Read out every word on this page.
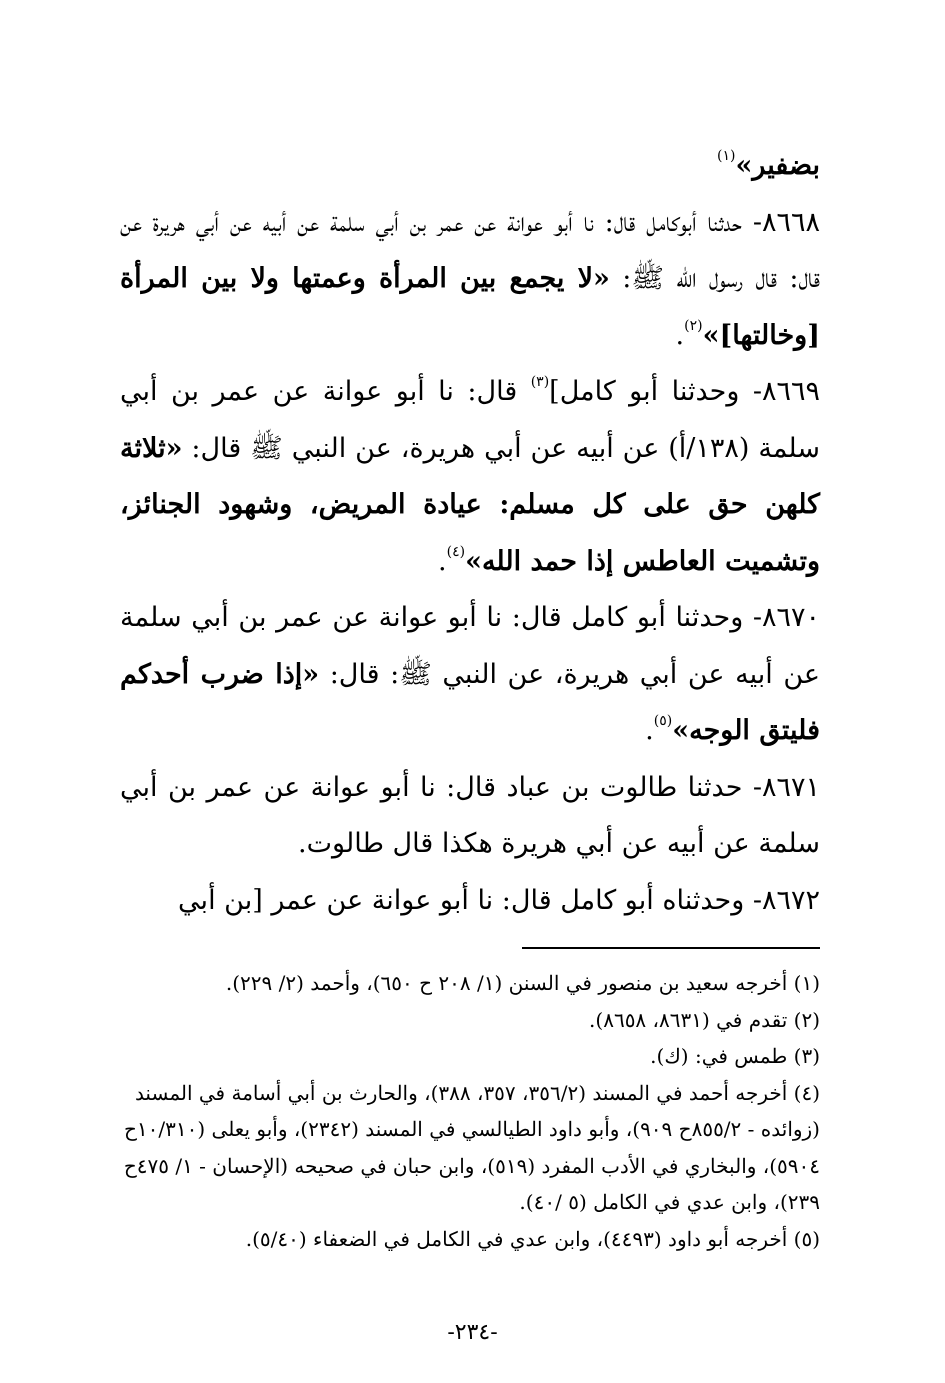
بضفير»$^{(١)}$

٨٦٦٨- حدثنا أبوكامل قال: نا أبو عوانة عن عمر بن أبي سلمة عن أبيه عن أبي هريرة عن قال: قال رسول الله ﷺ: «لا يجمع بين المرأة وعمتها ولا بين المرأة [وخالتها]»$^{(٢)}$.

٨٦٦٩- وحدثنا أبو كامل]$^{(٣)}$ قال: نا أبو عوانة عن عمر بن أبي سلمة (١٣٨/أ) عن أبيه عن أبي هريرة، عن النبي ﷺ قال: «ثلاثة كلهن حق على كل مسلم: عيادة المريض، وشهود الجنائز، وتشميت العاطس إذا حمد الله»$^{(٤)}$.

٨٦٧٠- وحدثنا أبو كامل قال: نا أبو عوانة عن عمر بن أبي سلمة عن أبيه عن أبي هريرة، عن النبي ﷺ: قال: «إذا ضرب أحدكم فليتق الوجه»$^{(٥)}$.

٨٦٧١- حدثنا طالوت بن عباد قال: نا أبو عوانة عن عمر بن أبي سلمة عن أبيه عن أبي هريرة هكذا قال طالوت.

٨٦٧٢- وحدثناه أبو كامل قال: نا أبو عوانة عن عمر [بن أبي

(١) أخرجه سعيد بن منصور في السنن (١/ ٢٠٨ ح ٦٥٠)، وأحمد (٢/ ٢٢٩).

(٢) تقدم في (٨٦٣١، ٨٦٥٨).

(٣) طمس في: (ك).

(٤) أخرجه أحمد في المسند (٣٥٦/٢، ٣٥٧، ٣٨٨)، والحارث بن أبي أسامة في المسند (زوائده - ٨٥٥/٢ح ٩٠٩)، وأبو داود الطيالسي في المسند (٢٣٤٢)، وأبو يعلى (١٠/٣١٠ح ٥٩٠٤)، والبخاري في الأدب المفرد (٥١٩)، وابن حبان في صحيحه (الإحسان - ١/ ٤٧٥ح ٢٣٩)، وابن عدي في الكامل (٥ /٤٠).

(٥) أخرجه أبو داود (٤٤٩٣)، وابن عدي في الكامل في الضعفاء (٥/٤٠).

-٢٣٤-
